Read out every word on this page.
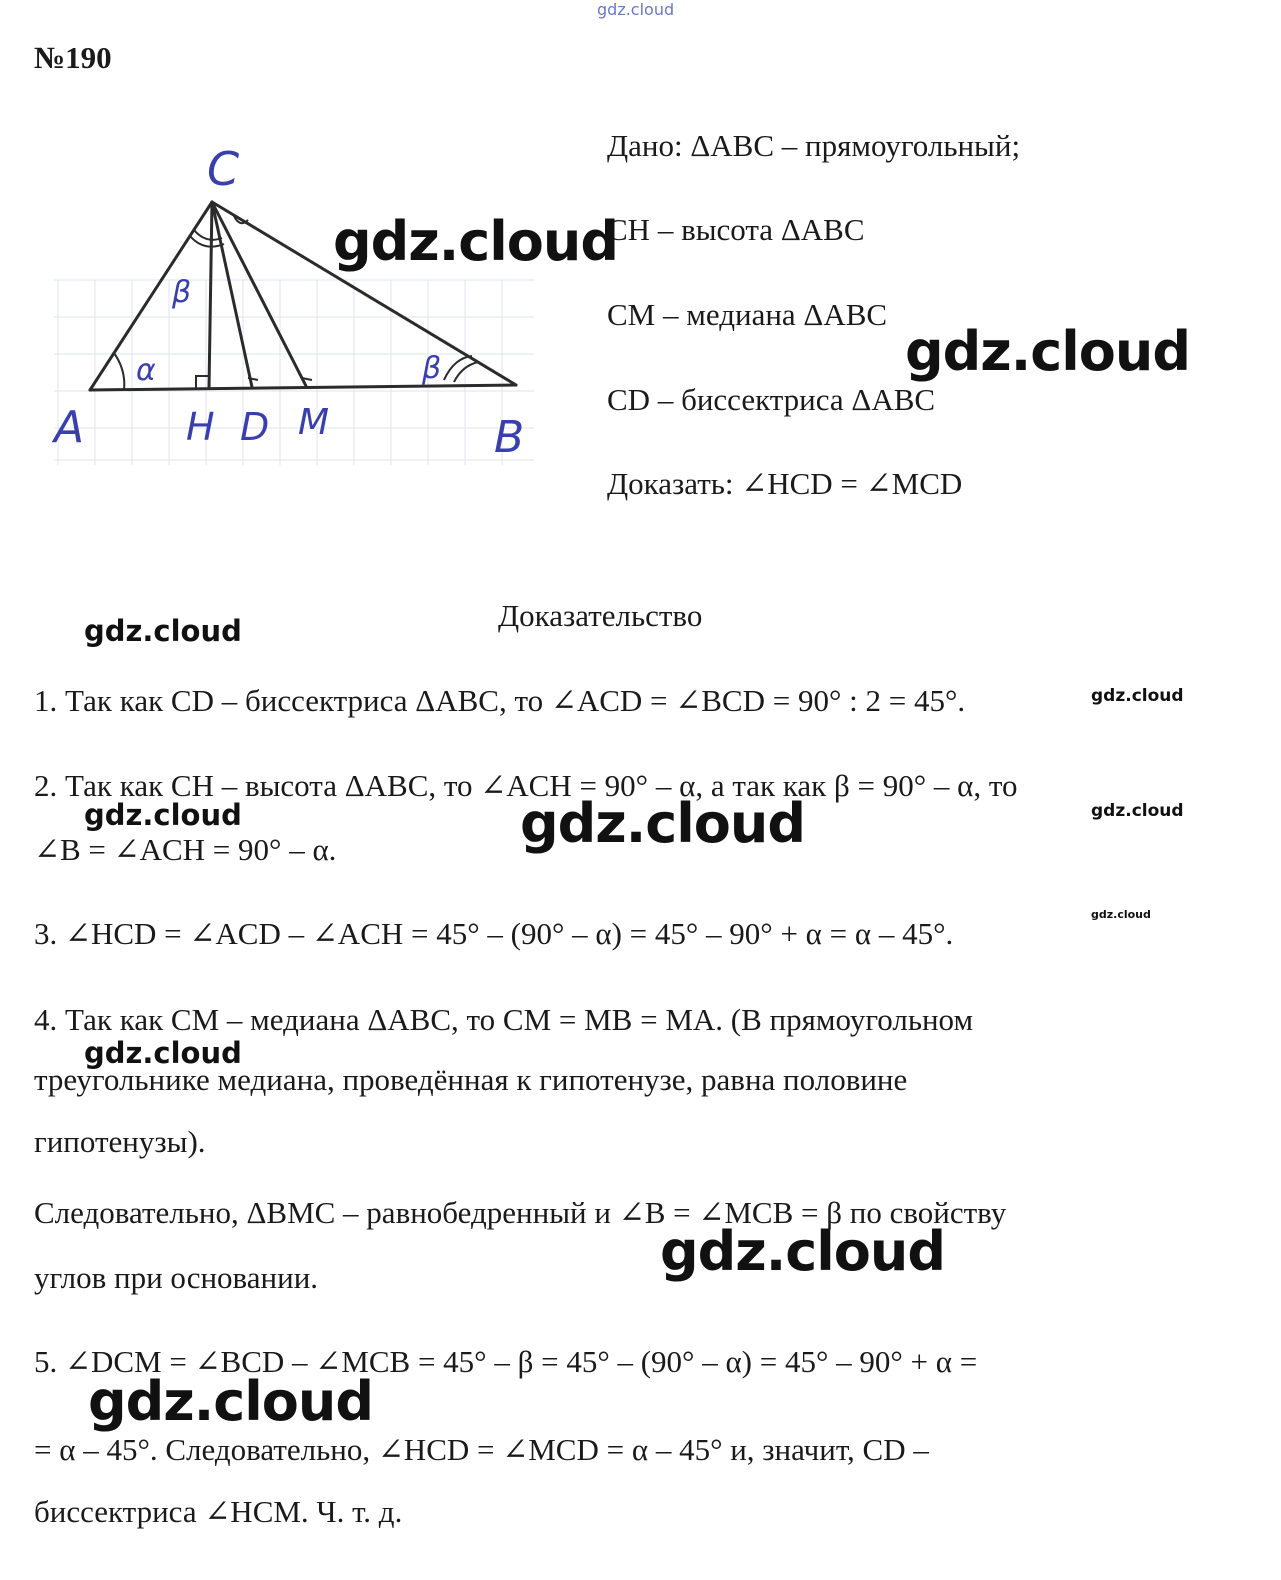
gdz.cloud
№190
C
A	H D M	B
α
β
β
Дано: ΔABC – прямоугольный;
CH – высота ΔABC
CM – медиана ΔABC
CD – биссектриса ΔABC
Доказать: ∠HCD = ∠MCD
Доказательство
1. Так как CD – биссектриса ΔABC, то ∠ACD = ∠BCD = 90° : 2 = 45°.
2. Так как CH – высота ΔABC, то ∠ACH = 90° – α, а так как β = 90° – α, то
∠B = ∠ACH = 90° – α.
3. ∠HCD = ∠ACD – ∠ACH = 45° – (90° – α) = 45° – 90° + α = α – 45°.
4. Так как CM – медиана ΔABC, то CM = MB = MA. (В прямоугольном
треугольнике медиана, проведённая к гипотенузе, равна половине
гипотенузы).
Следовательно, ΔBMC – равнобедренный и ∠B = ∠MCB = β по свойству
углов при основании.
5. ∠DCM = ∠BCD – ∠MCB = 45° – β = 45° – (90° – α) = 45° – 90° + α =
= α – 45°. Следовательно, ∠HCD = ∠MCD = α – 45° и, значит, CD –
биссектриса ∠HCM. Ч. т. д.
gdz.cloud
gdz.cloud
gdz.cloud
gdz.cloud
gdz.cloud	gdz.cloud
gdz.cloud
gdz.cloud
gdz.cloud
gdz.cloud
gdz.cloud
